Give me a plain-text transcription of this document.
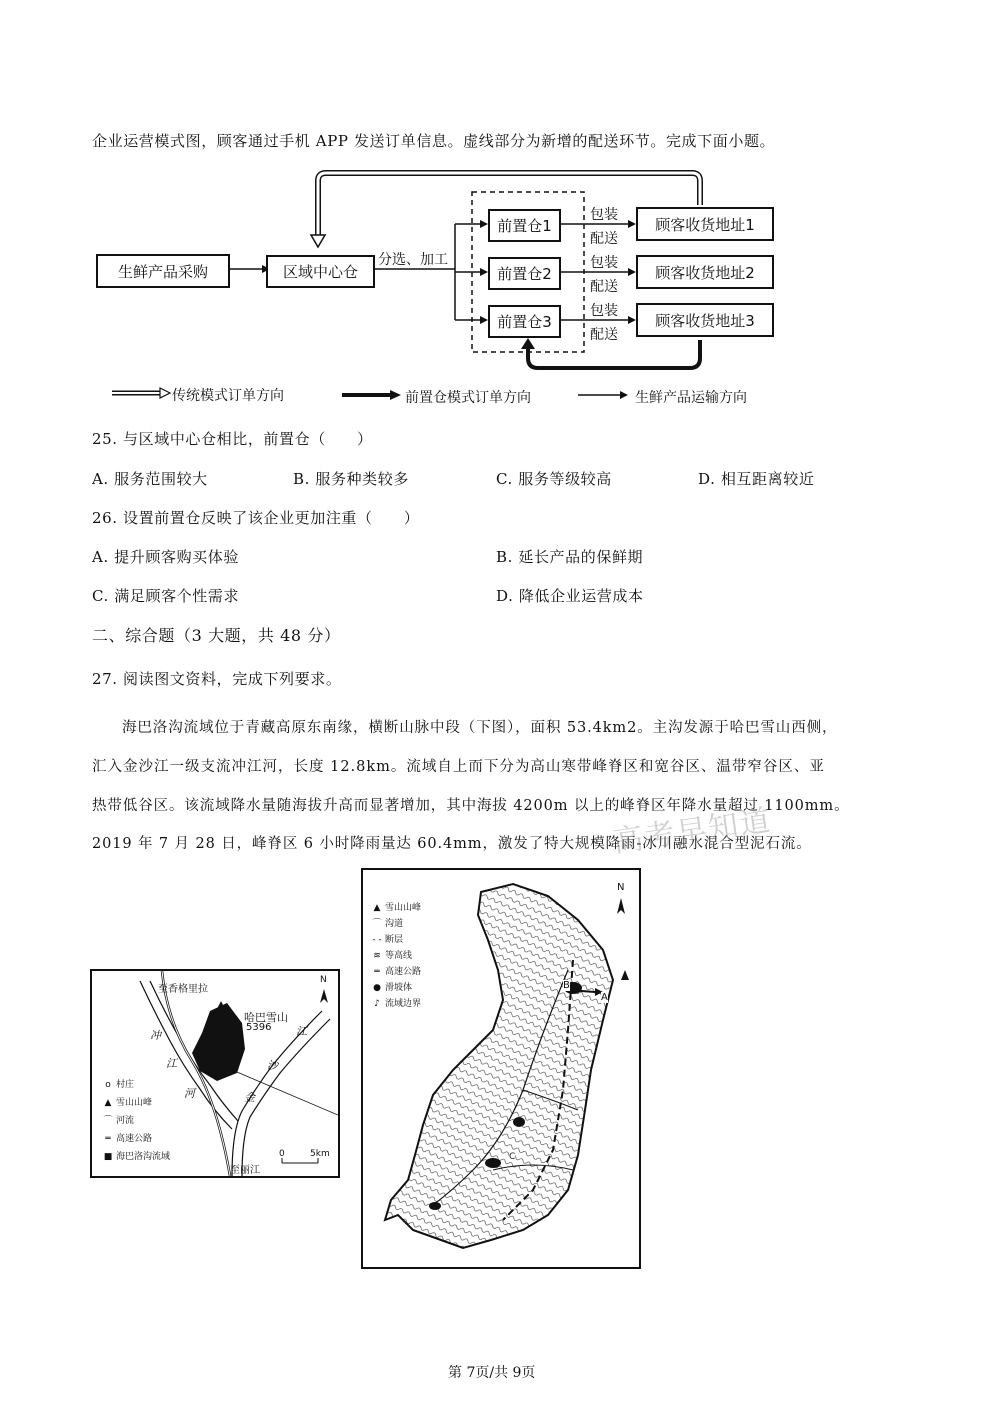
企业运营模式图，顾客通过手机 APP 发送订单信息。虚线部分为新增的配送环节。完成下面小题。
生鲜产品采购	区域中心仓
分选、加工
前置仓1
前置仓2
前置仓3
包装
配送
包装
配送
包装
配送
顾客收货地址1
顾客收货地址2
顾客收货地址3
传统模式订单方向	前置仓模式订单方向	生鲜产品运输方向
25. 与区域中心仓相比，前置仓（　　）
A. 服务范围较大	B. 服务种类较多	C. 服务等级较高	D. 相互距离较近
26. 设置前置仓反映了该企业更加注重（　　）
A. 提升顾客购买体验	B. 延长产品的保鲜期
C. 满足顾客个性需求	D. 降低企业运营成本
二、综合题（3 大题，共 48 分）
27. 阅读图文资料，完成下列要求。
海巴洛沟流域位于青藏高原东南缘，横断山脉中段（下图），面积 53.4km2。主沟发源于哈巴雪山西侧，
汇入金沙江一级支流冲江河，长度 12.8km。流域自上而下分为高山寒带峰脊区和宽谷区、温带窄谷区、亚
热带低谷区。该流域降水量随海拔升高而显著增加，其中海拔 4200m 以上的峰脊区年降水量超过 1100mm。
2019 年 7 月 28 日，峰脊区 6 小时降雨量达 60.4mm，激发了特大规模降雨-冰川融水混合型泥石流。
高考早知道
至香格里拉
N
哈巴雪山
5396
冲
江
河
江
沙
金
至丽江
0	5km
o 村庄
▲ 雪山山峰
⌒ 河流
═ 高速公路
■ 海巴洛沟流域
N
B
A
C
▲ 雪山山峰
⌒ 沟道
- - 断层
≋ 等高线
═ 高速公路
● 滑坡体
♪ 流域边界
第 7页/共 9页
